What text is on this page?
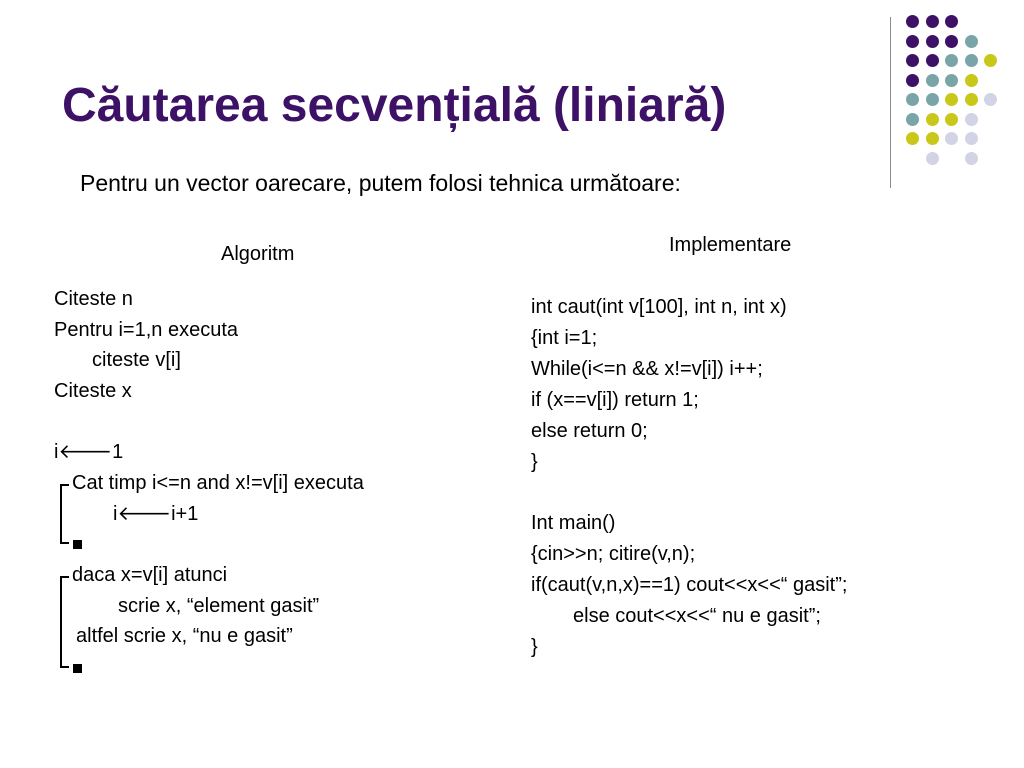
Căutarea secvențială (liniară)
Pentru un vector oarecare, putem folosi tehnica următoare:
Algoritm	Implementare
Citeste n
Pentru i=1,n executa
citeste v[i]
Citeste x
i🡐1
Cat timp i<=n and x!=v[i] executa
i🡐i+1
daca x=v[i] atunci
scrie x, “element gasit”
altfel scrie x, “nu e gasit”
int caut(int v[100], int n, int x)
{int i=1;
While(i<=n && x!=v[i]) i++;
if (x==v[i]) return 1;
else return 0;
}
Int main()
{cin>>n; citire(v,n);
if(caut(v,n,x)==1) cout<<x<<“ gasit”;
else cout<<x<<“ nu e gasit”;
}
